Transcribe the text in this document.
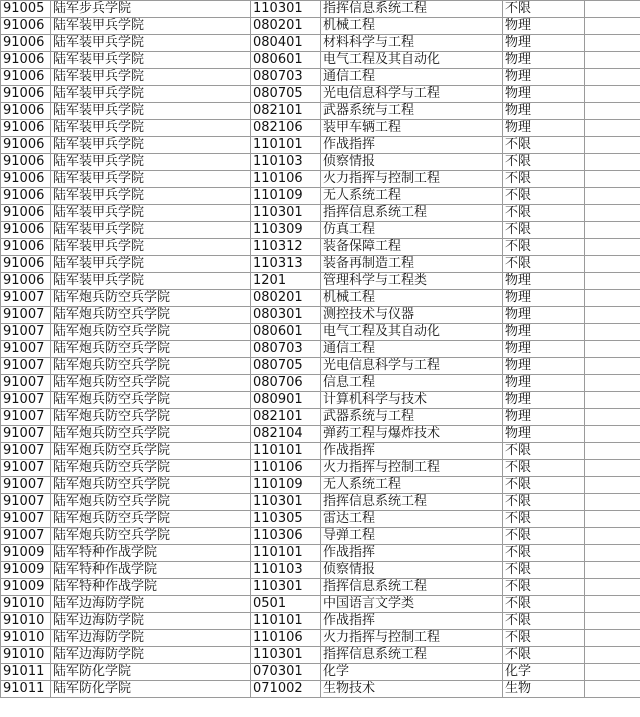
91005	陆军步兵学院	110301	指挥信息系统工程	不限	
91006	陆军装甲兵学院	080201	机械工程	物理	
91006	陆军装甲兵学院	080401	材料科学与工程	物理	
91006	陆军装甲兵学院	080601	电气工程及其自动化	物理	
91006	陆军装甲兵学院	080703	通信工程	物理	
91006	陆军装甲兵学院	080705	光电信息科学与工程	物理	
91006	陆军装甲兵学院	082101	武器系统与工程	物理	
91006	陆军装甲兵学院	082106	装甲车辆工程	物理	
91006	陆军装甲兵学院	110101	作战指挥	不限	
91006	陆军装甲兵学院	110103	侦察情报	不限	
91006	陆军装甲兵学院	110106	火力指挥与控制工程	不限	
91006	陆军装甲兵学院	110109	无人系统工程	不限	
91006	陆军装甲兵学院	110301	指挥信息系统工程	不限	
91006	陆军装甲兵学院	110309	仿真工程	不限	
91006	陆军装甲兵学院	110312	装备保障工程	不限	
91006	陆军装甲兵学院	110313	装备再制造工程	不限	
91006	陆军装甲兵学院	1201	管理科学与工程类	物理	
91007	陆军炮兵防空兵学院	080201	机械工程	物理	
91007	陆军炮兵防空兵学院	080301	测控技术与仪器	物理	
91007	陆军炮兵防空兵学院	080601	电气工程及其自动化	物理	
91007	陆军炮兵防空兵学院	080703	通信工程	物理	
91007	陆军炮兵防空兵学院	080705	光电信息科学与工程	物理	
91007	陆军炮兵防空兵学院	080706	信息工程	物理	
91007	陆军炮兵防空兵学院	080901	计算机科学与技术	物理	
91007	陆军炮兵防空兵学院	082101	武器系统与工程	物理	
91007	陆军炮兵防空兵学院	082104	弹药工程与爆炸技术	物理	
91007	陆军炮兵防空兵学院	110101	作战指挥	不限	
91007	陆军炮兵防空兵学院	110106	火力指挥与控制工程	不限	
91007	陆军炮兵防空兵学院	110109	无人系统工程	不限	
91007	陆军炮兵防空兵学院	110301	指挥信息系统工程	不限	
91007	陆军炮兵防空兵学院	110305	雷达工程	不限	
91007	陆军炮兵防空兵学院	110306	导弹工程	不限	
91009	陆军特种作战学院	110101	作战指挥	不限	
91009	陆军特种作战学院	110103	侦察情报	不限	
91009	陆军特种作战学院	110301	指挥信息系统工程	不限	
91010	陆军边海防学院	0501	中国语言文学类	不限	
91010	陆军边海防学院	110101	作战指挥	不限	
91010	陆军边海防学院	110106	火力指挥与控制工程	不限	
91010	陆军边海防学院	110301	指挥信息系统工程	不限	
91011	陆军防化学院	070301	化学	化学	
91011	陆军防化学院	071002	生物技术	生物	
